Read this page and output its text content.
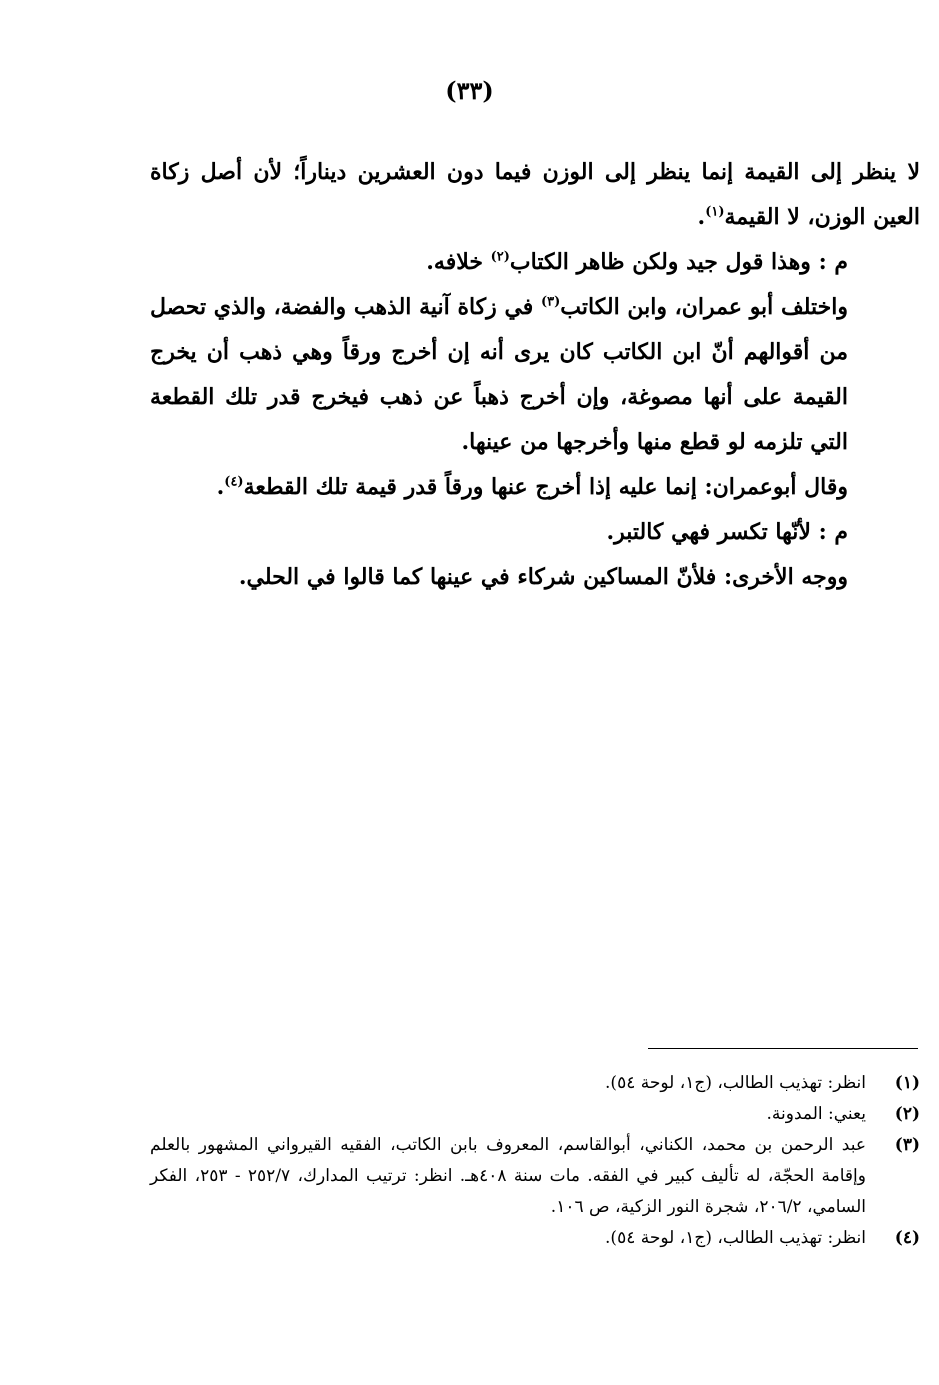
(٣٣)

لا ينظر إلى القيمة إنما ينظر إلى الوزن فيما دون العشرين ديناراً؛ لأن أصل زكاة العين الوزن، لا القيمة$^{(١)}$.

م : وهذا قول جيد ولكن ظاهر الكتاب$^{(٢)}$ خلافه.

واختلف أبو عمران، وابن الكاتب$^{(٣)}$ في زكاة آنية الذهب والفضة، والذي تحصل من أقوالهم أنّ ابن الكاتب كان يرى أنه إن أخرج ورقاً وهي ذهب أن يخرج القيمة على أنها مصوغة، وإن أخرج ذهباً عن ذهب فيخرج قدر تلك القطعة التي تلزمه لو قطع منها وأخرجها من عينها.

وقال أبوعمران: إنما عليه إذا أخرج عنها ورقاً قدر قيمة تلك القطعة$^{(٤)}$.

م : لأنّها تكسر فهي كالتبر.

ووجه الأخرى: فلأنّ المساكين شركاء في عينها كما قالوا في الحلي.

(١)
انظر: تهذيب الطالب، (ج١، لوحة ٥٤).
(٢)
يعني: المدونة.
(٣)
عبد الرحمن بن محمد، الكناني، أبوالقاسم، المعروف بابن الكاتب، الفقيه القيرواني المشهور بالعلم وإقامة الحجّة، له تأليف كبير في الفقه. مات سنة ٤٠٨هـ. انظر: ترتيب المدارك، ٢٥٢/٧ - ٢٥٣، الفكر السامي، ٢٠٦/٢، شجرة النور الزكية، ص ١٠٦.
(٤)
انظر: تهذيب الطالب، (ج١، لوحة ٥٤).
